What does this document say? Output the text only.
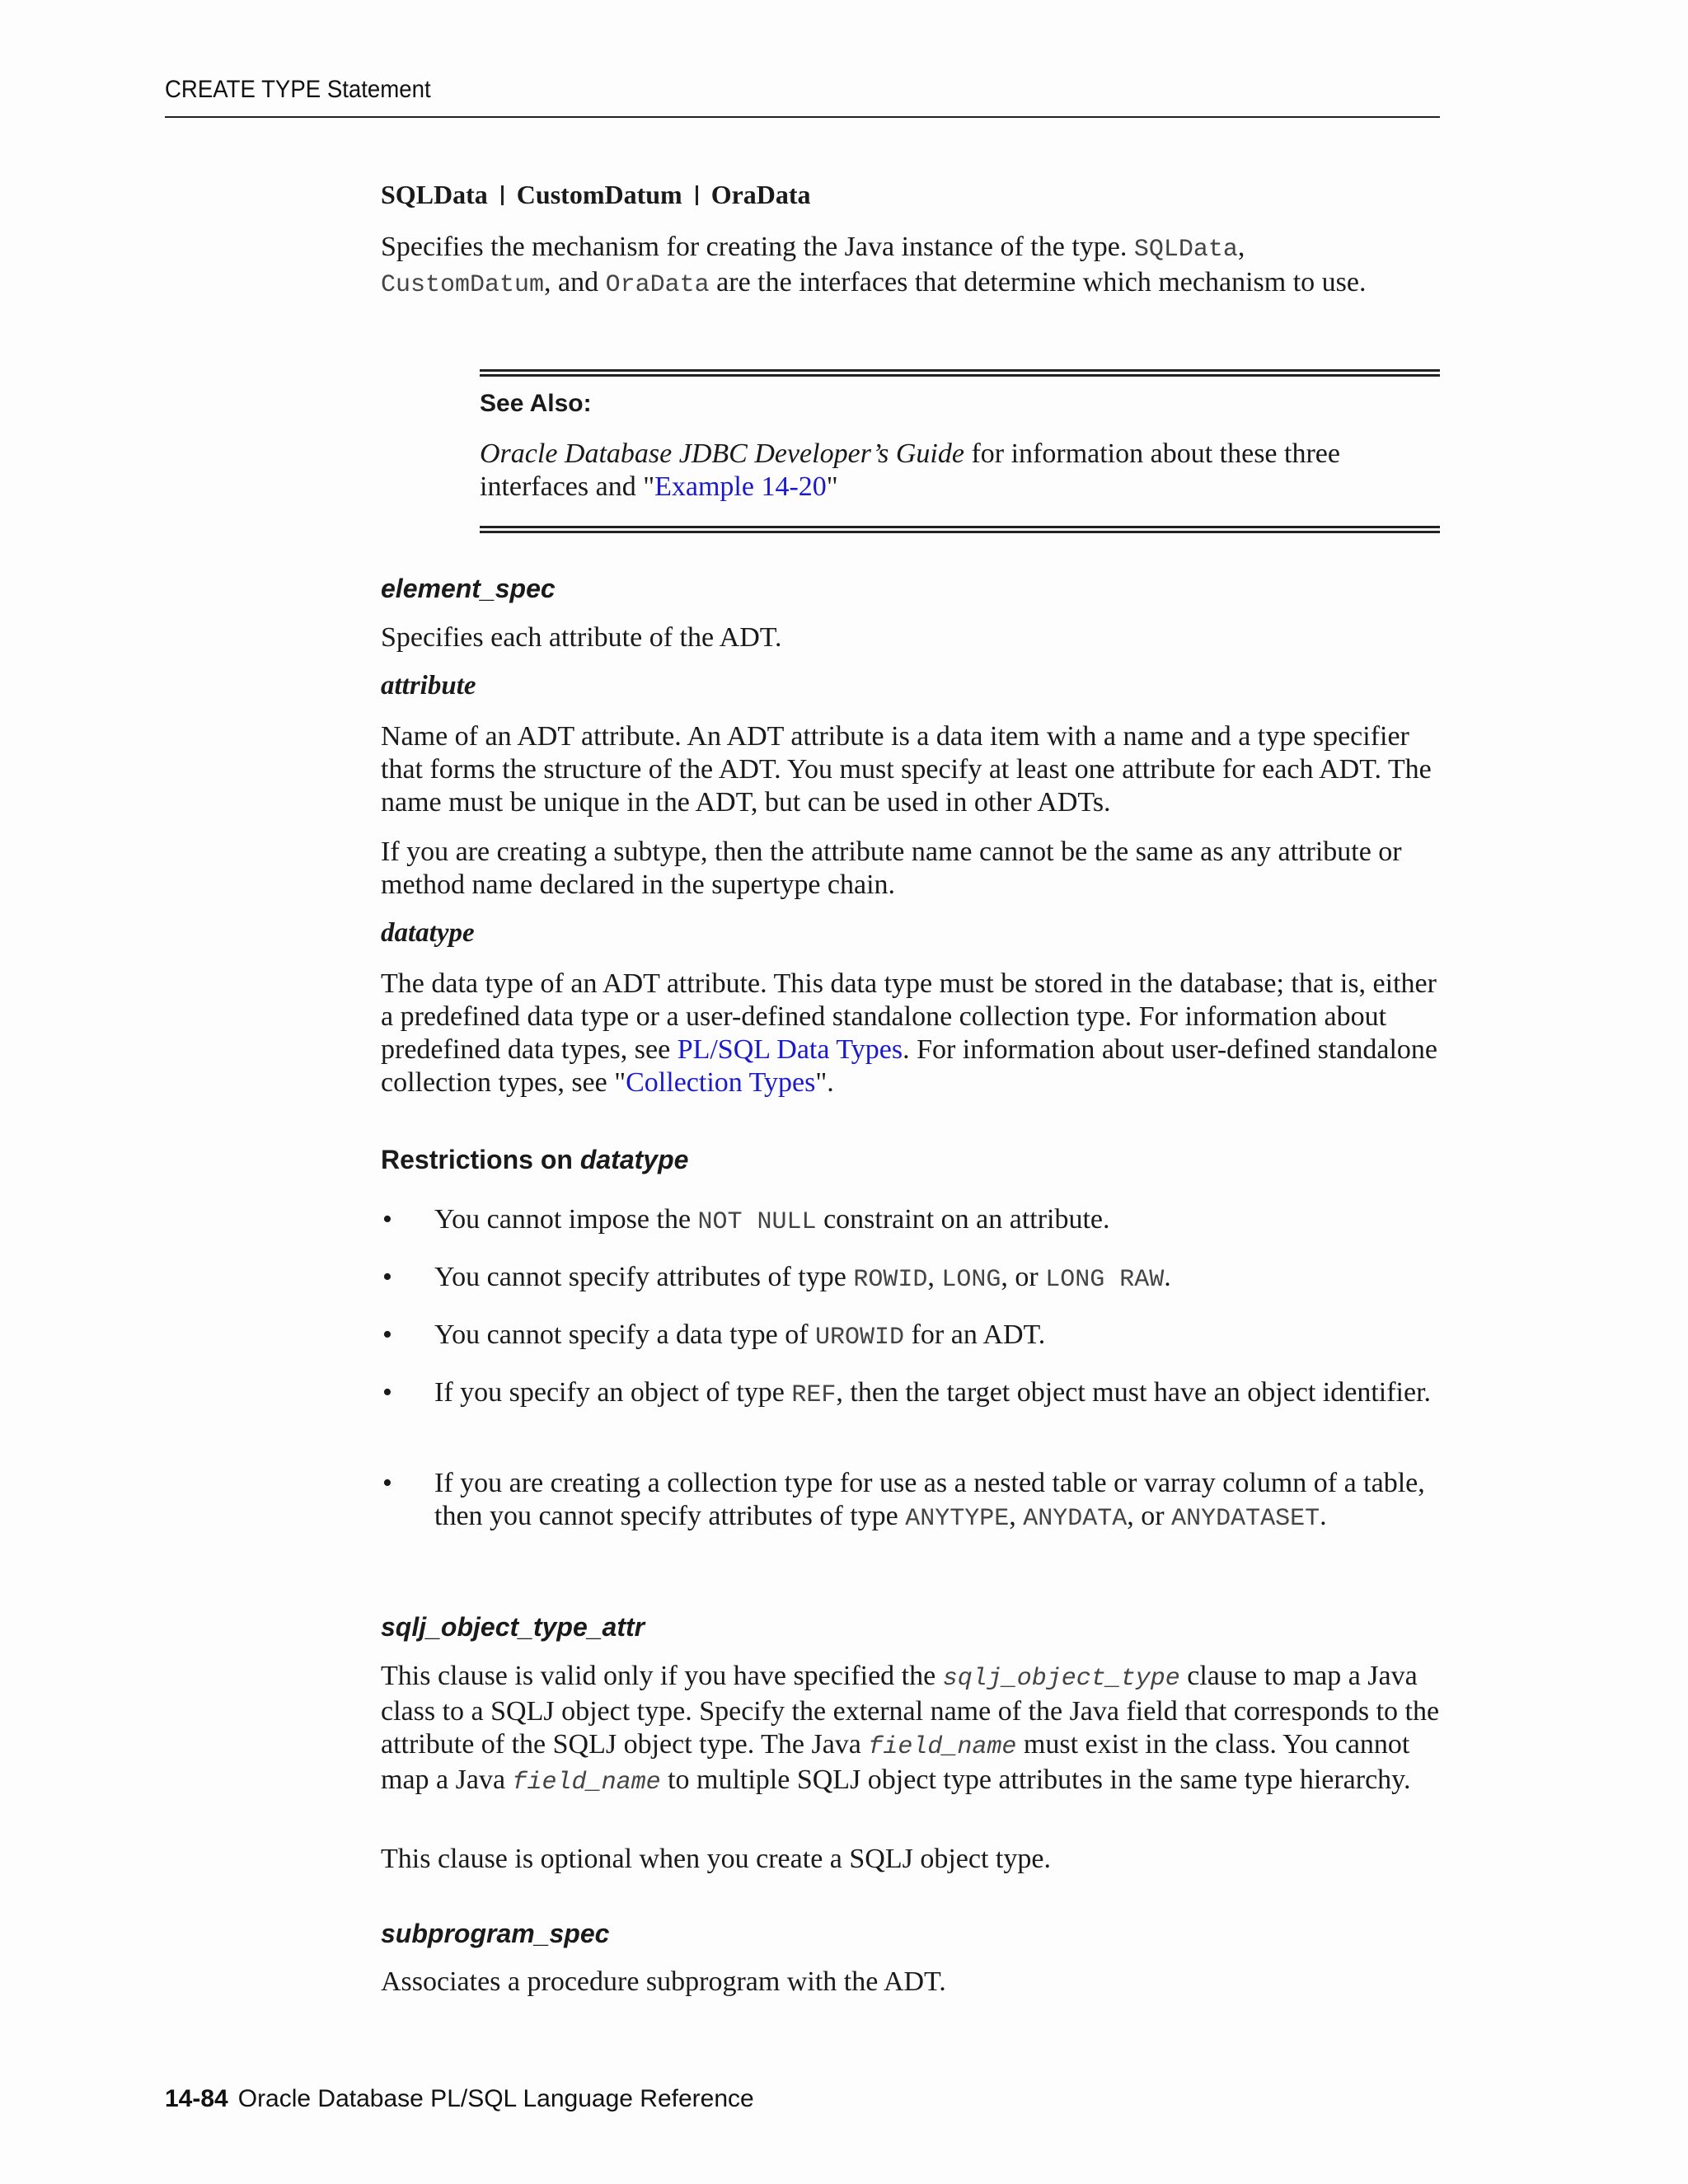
CREATE TYPE Statement
SQLData CustomDatum OraData

Specifies the mechanism for creating the Java instance of the type. SQLData,
CustomDatum, and OraData are the interfaces that determine which mechanism to use.

See Also:

Oracle Database JDBC Developer’s Guide for information about these three interfaces and "Example 14-20"

element_spec

Specifies each attribute of the ADT.

attribute

Name of an ADT attribute. An ADT attribute is a data item with a name and a type specifier that forms the structure of the ADT. You must specify at least one attribute for each ADT. The name must be unique in the ADT, but can be used in other ADTs.

If you are creating a subtype, then the attribute name cannot be the same as any attribute or method name declared in the supertype chain.

datatype

The data type of an ADT attribute. This data type must be stored in the database; that is, either a predefined data type or a user-defined standalone collection type. For information about predefined data types, see PL/SQL Data Types. For information about user-defined standalone collection types, see "Collection Types".

Restrictions on datatype
• You cannot impose the NOT NULL constraint on an attribute.
• You cannot specify attributes of type ROWID, LONG, or LONG RAW.
• You cannot specify a data type of UROWID for an ADT.
• If you specify an object of type REF, then the target object must have an object identifier.
• If you are creating a collection type for use as a nested table or varray column of a table, then you cannot specify attributes of type ANYTYPE, ANYDATA, or ANYDATASET.
sqlj_object_type_attr

This clause is valid only if you have specified the sqlj_object_type clause to map a Java class to a SQLJ object type. Specify the external name of the Java field that corresponds to the attribute of the SQLJ object type. The Java field_name must exist in the class. You cannot map a Java field_name to multiple SQLJ object type attributes in the same type hierarchy.

This clause is optional when you create a SQLJ object type.

subprogram_spec

Associates a procedure subprogram with the ADT.

14-84 Oracle Database PL/SQL Language Reference
